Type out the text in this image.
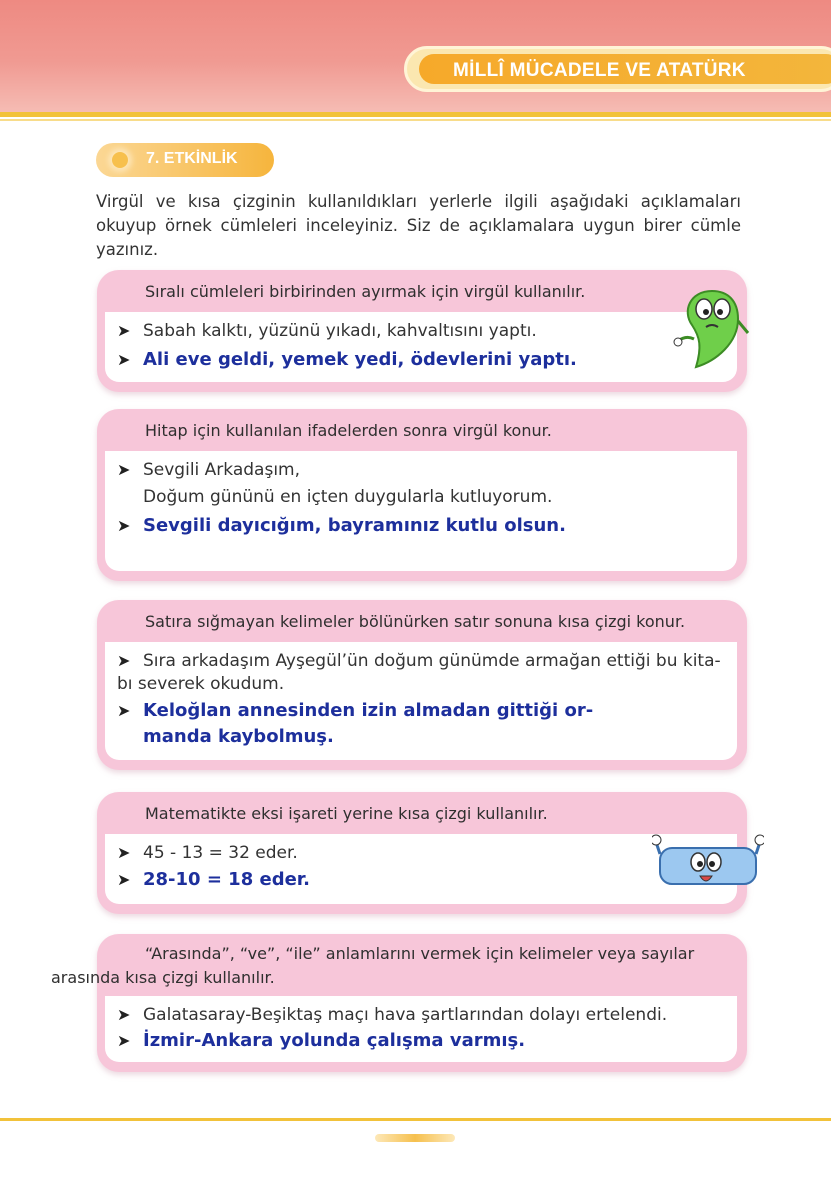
MİLLÎ MÜCADELE VE ATATÜRK
7. ETKİNLİK
Virgül ve kısa çizginin kullanıldıkları yerlerle ilgili aşağıdaki açıklamaları okuyup örnek cümleleri inceleyiniz. Siz de açıklamalara uygun birer cümle yazınız.
Sıralı cümleleri birbirinden ayırmak için virgül kullanılır.
➤ Sabah kalktı, yüzünü yıkadı, kahvaltısını yaptı.
➤ Ali eve geldi, yemek yedi, ödevlerini yaptı.
Hitap için kullanılan ifadelerden sonra virgül konur.
➤ Sevgili Arkadaşım,
Doğum gününü en içten duygularla kutluyorum.
➤ Sevgili dayıcığım, bayramınız kutlu olsun.
Satıra sığmayan kelimeler bölünürken satır sonuna kısa çizgi konur.
➤ Sıra arkadaşım Ayşegül’ün doğum günümde armağan ettiği bu kita-
bı severek okudum.
➤ Keloğlan annesinden izin almadan gittiği or-
manda kaybolmuş.
Matematikte eksi işareti yerine kısa çizgi kullanılır.
➤ 45 - 13 = 32 eder.
➤ 28-10 = 18 eder.
“Arasında”, “ve”, “ile” anlamlarını vermek için kelimeler veya sayılar
arasında kısa çizgi kullanılır.
➤ Galatasaray-Beşiktaş maçı hava şartlarından dolayı ertelendi.
➤ İzmir-Ankara yolunda çalışma varmış.
